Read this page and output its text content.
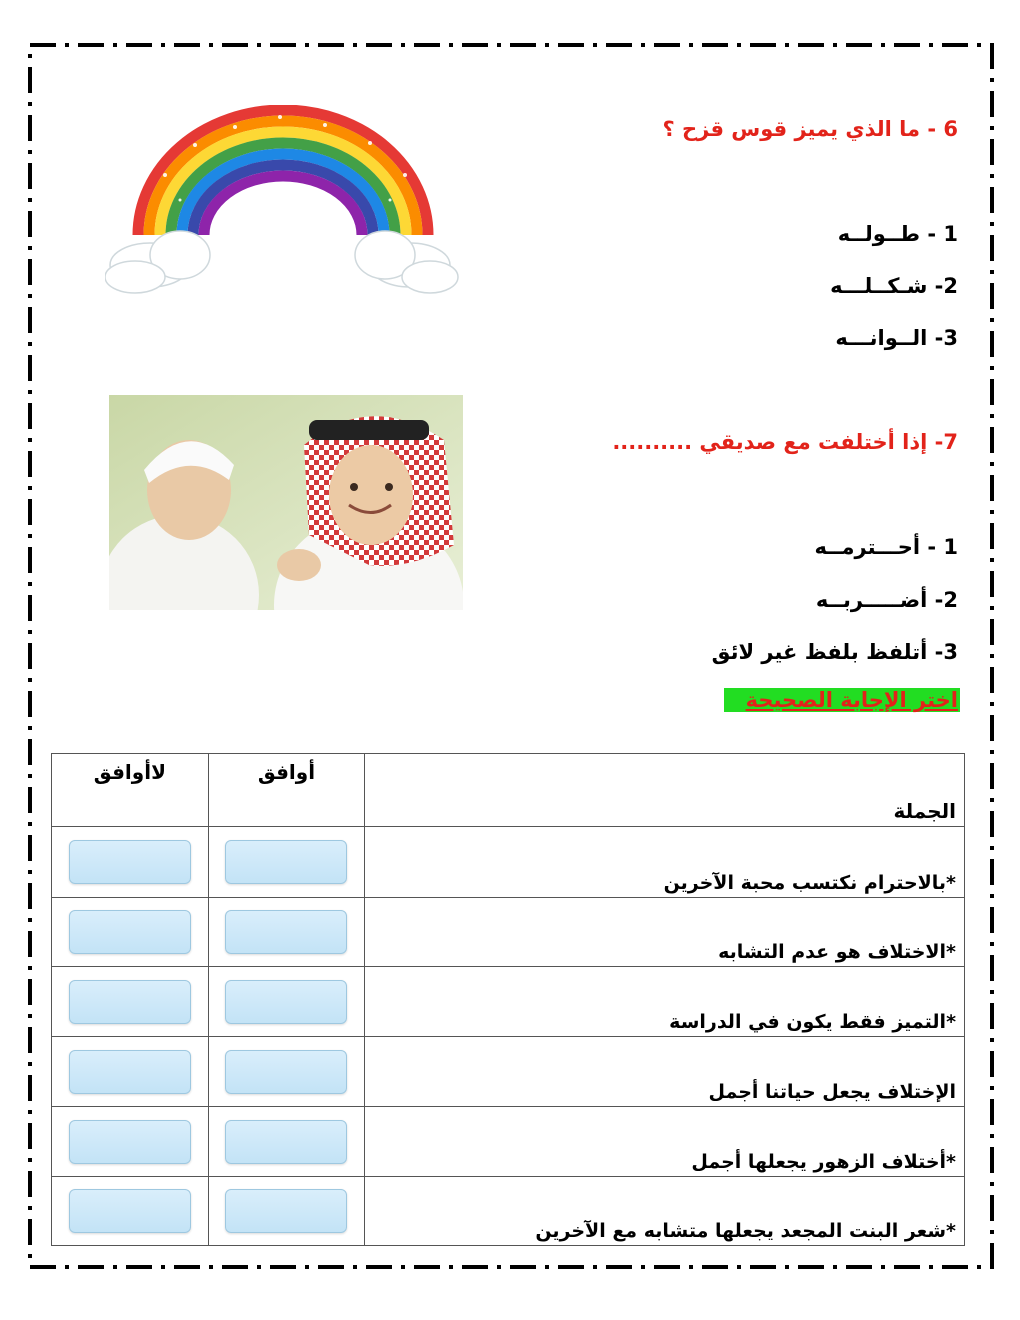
6 - ما الذي يميز قوس قزح ؟
1 - طــولــه
2- شـكــلـــه
3- الــوانـــه
7- إذا أختلفت مع صديقي ..........
1 - أحـــترمــه
2- أضـــــربــه
3- أتلفظ بلفظ غير لائق
اختر الإجابة الصحيحة
الجملة	أوافق	لاأوافق

*بالاحترام نكتسب محبة الآخرين		

*الاختلاف هو عدم التشابه		

*التميز فقط يكون في الدراسة		

الإختلاف يجعل حياتنا أجمل		

*أختلاف الزهور يجعلها أجمل		

*شعر البنت المجعد يجعلها متشابه مع الآخرين		
